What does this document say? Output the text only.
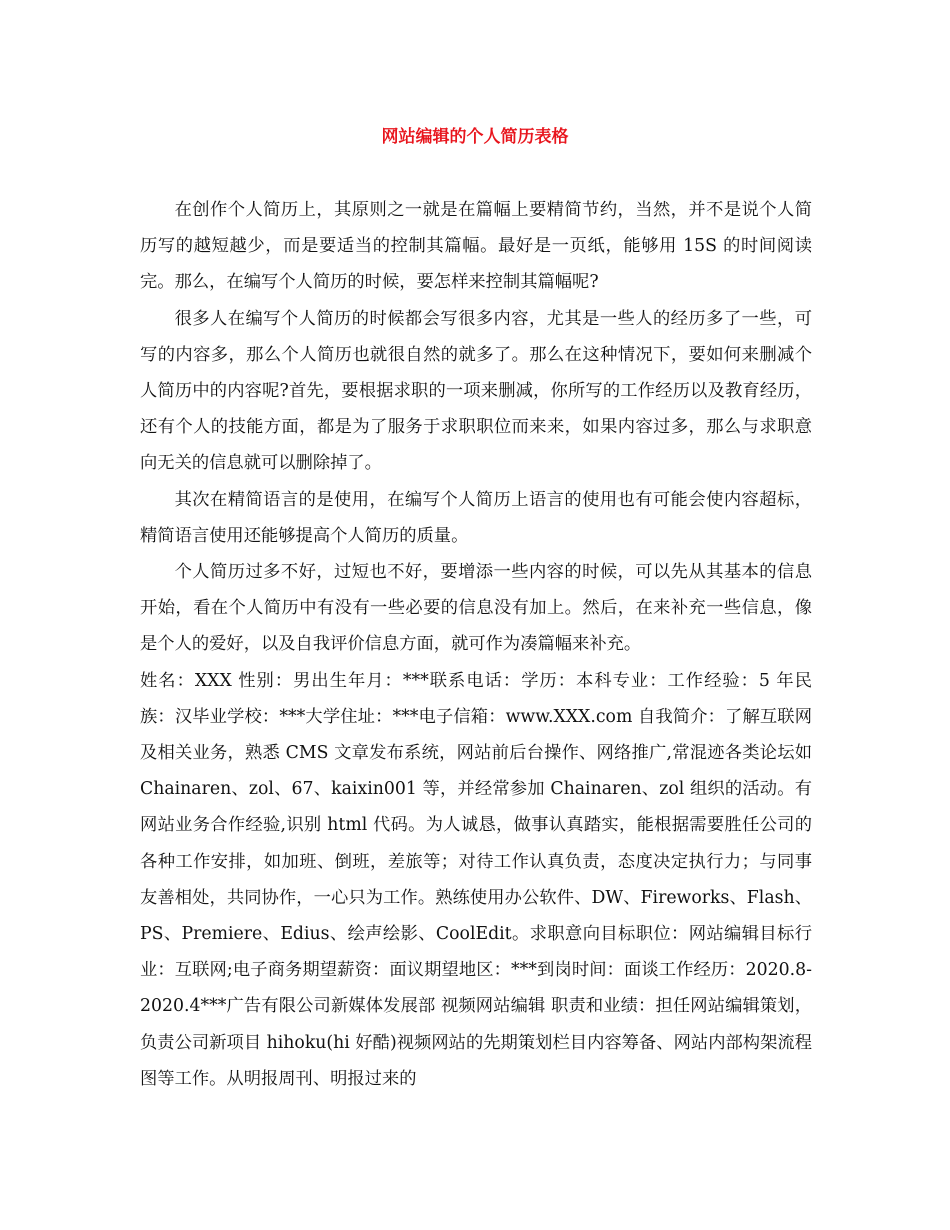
网站编辑的个人简历表格

在创作个人简历上，其原则之一就是在篇幅上要精简节约，当然，并不是说个人简历写的越短越少，而是要适当的控制其篇幅。最好是一页纸，能够用 15S 的时间阅读完。那么，在编写个人简历的时候，要怎样来控制其篇幅呢?

很多人在编写个人简历的时候都会写很多内容，尤其是一些人的经历多了一些，可写的内容多，那么个人简历也就很自然的就多了。那么在这种情况下，要如何来删减个人简历中的内容呢?首先，要根据求职的一项来删减，你所写的工作经历以及教育经历，还有个人的技能方面，都是为了服务于求职职位而来来，如果内容过多，那么与求职意向无关的信息就可以删除掉了。

其次在精简语言的是使用，在编写个人简历上语言的使用也有可能会使内容超标，精简语言使用还能够提高个人简历的质量。

个人简历过多不好，过短也不好，要增添一些内容的时候，可以先从其基本的信息开始，看在个人简历中有没有一些必要的信息没有加上。然后，在来补充一些信息，像是个人的爱好，以及自我评价信息方面，就可作为凑篇幅来补充。

姓名：XXX 性别：男出生年月：***联系电话：学历：本科专业：工作经验：5 年民族：汉毕业学校：***大学住址：***电子信箱：www.XXX.com 自我简介：了解互联网及相关业务，熟悉 CMS 文章发布系统，网站前后台操作、网络推广,常混迹各类论坛如 Chainaren、zol、67、kaixin001 等，并经常参加 Chainaren、zol 组织的活动。有网站业务合作经验,识别 html 代码。为人诚恳，做事认真踏实，能根据需要胜任公司的各种工作安排，如加班、倒班，差旅等；对待工作认真负责，态度决定执行力；与同事友善相处，共同协作，一心只为工作。熟练使用办公软件、DW、Fireworks、Flash、PS、Premiere、Edius、绘声绘影、CoolEdit。求职意向目标职位：网站编辑目标行业：互联网;电子商务期望薪资：面议期望地区：***到岗时间：面谈工作经历：2020.8-2020.4***广告有限公司新媒体发展部 视频网站编辑 职责和业绩：担任网站编辑策划，负责公司新项目 hihoku(hi 好酷)视频网站的先期策划栏目内容筹备、网站内部构架流程图等工作。从明报周刊、明报过来的
